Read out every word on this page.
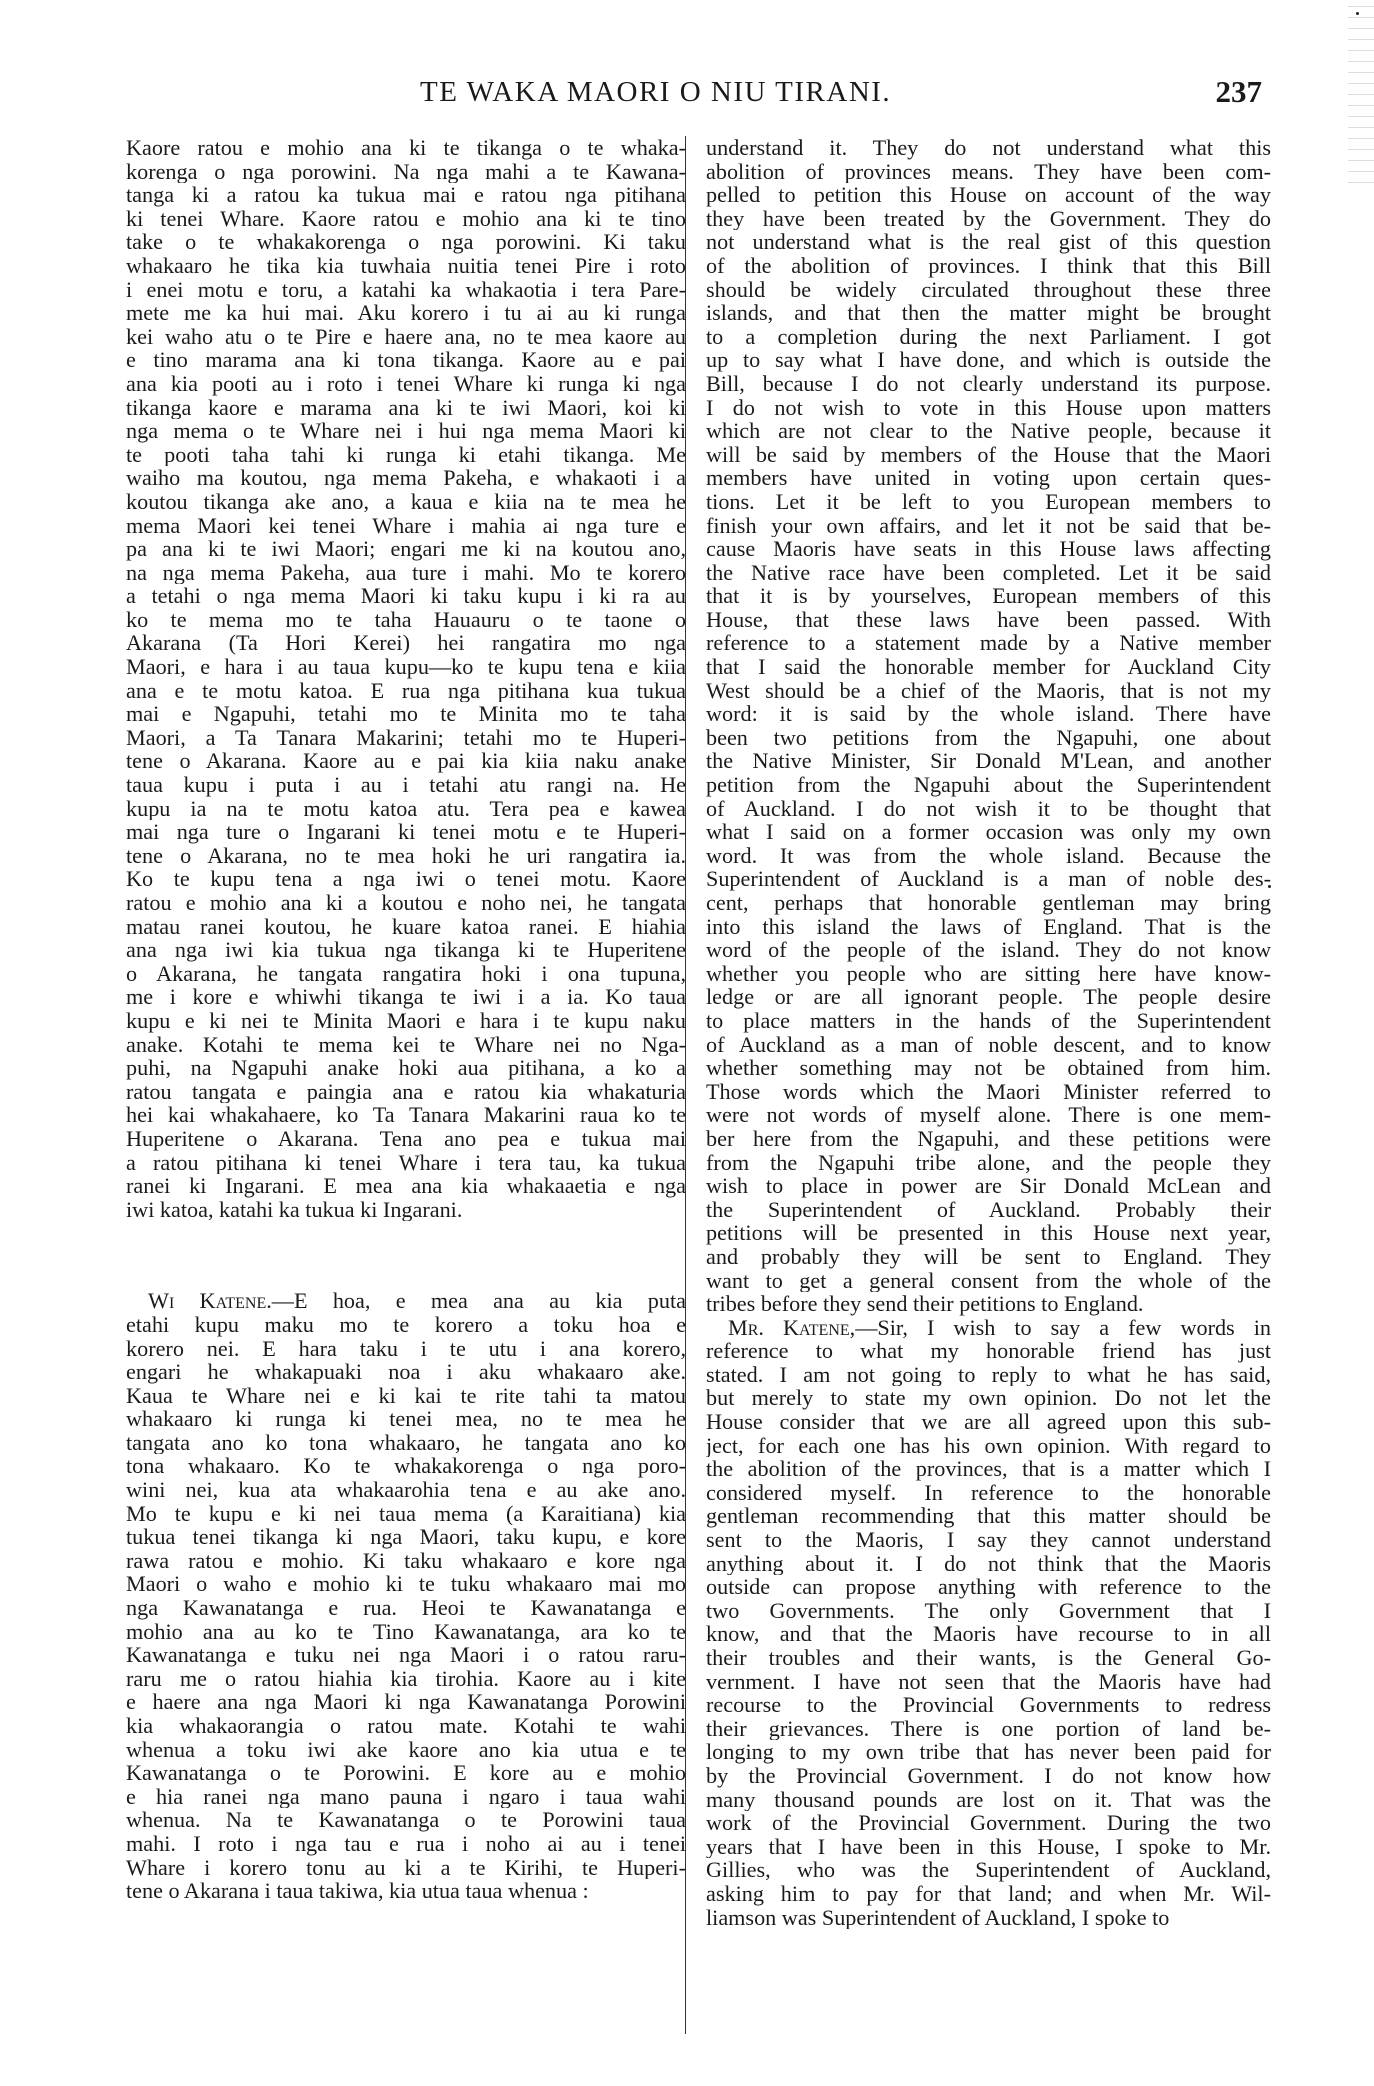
TE WAKA MAORI O NIU TIRANI.	237
Kaore ratou e mohio ana ki te tikanga o te whaka-
korenga o nga porowini. Na nga mahi a te Kawana-
tanga ki a ratou ka tukua mai e ratou nga pitihana
ki tenei Whare. Kaore ratou e mohio ana ki te tino
take o te whakakorenga o nga porowini. Ki taku
whakaaro he tika kia tuwhaia nuitia tenei Pire i roto
i enei motu e toru, a katahi ka whakaotia i tera Pare-
mete me ka hui mai. Aku korero i tu ai au ki runga
kei waho atu o te Pire e haere ana, no te mea kaore au
e tino marama ana ki tona tikanga. Kaore au e pai
ana kia pooti au i roto i tenei Whare ki runga ki nga
tikanga kaore e marama ana ki te iwi Maori, koi ki
nga mema o te Whare nei i hui nga mema Maori ki
te pooti taha tahi ki runga ki etahi tikanga. Me
waiho ma koutou, nga mema Pakeha, e whakaoti i a
koutou tikanga ake ano, a kaua e kiia na te mea he
mema Maori kei tenei Whare i mahia ai nga ture e
pa ana ki te iwi Maori; engari me ki na koutou ano,
na nga mema Pakeha, aua ture i mahi. Mo te korero
a tetahi o nga mema Maori ki taku kupu i ki ra au
ko te mema mo te taha Hauauru o te taone o
Akarana (Ta Hori Kerei) hei rangatira mo nga
Maori, e hara i au taua kupu—ko te kupu tena e kiia
ana e te motu katoa. E rua nga pitihana kua tukua
mai e Ngapuhi, tetahi mo te Minita mo te taha
Maori, a Ta Tanara Makarini; tetahi mo te Huperi-
tene o Akarana. Kaore au e pai kia kiia naku anake
taua kupu i puta i au i tetahi atu rangi na. He
kupu ia na te motu katoa atu. Tera pea e kawea
mai nga ture o Ingarani ki tenei motu e te Huperi-
tene o Akarana, no te mea hoki he uri rangatira ia.
Ko te kupu tena a nga iwi o tenei motu. Kaore
ratou e mohio ana ki a koutou e noho nei, he tangata
matau ranei koutou, he kuare katoa ranei. E hiahia
ana nga iwi kia tukua nga tikanga ki te Huperitene
o Akarana, he tangata rangatira hoki i ona tupuna,
me i kore e whiwhi tikanga te iwi i a ia. Ko taua
kupu e ki nei te Minita Maori e hara i te kupu naku
anake. Kotahi te mema kei te Whare nei no Nga-
puhi, na Ngapuhi anake hoki aua pitihana, a ko a
ratou tangata e paingia ana e ratou kia whakaturia
hei kai whakahaere, ko Ta Tanara Makarini raua ko te
Huperitene o Akarana. Tena ano pea e tukua mai
a ratou pitihana ki tenei Whare i tera tau, ka tukua
ranei ki Ingarani. E mea ana kia whakaaetia e nga
iwi katoa, katahi ka tukua ki Ingarani.
Wi Katene.—E hoa, e mea ana au kia puta
etahi kupu maku mo te korero a toku hoa e
korero nei. E hara taku i te utu i ana korero,
engari he whakapuaki noa i aku whakaaro ake.
Kaua te Whare nei e ki kai te rite tahi ta matou
whakaaro ki runga ki tenei mea, no te mea he
tangata ano ko tona whakaaro, he tangata ano ko
tona whakaaro. Ko te whakakorenga o nga poro-
wini nei, kua ata whakaarohia tena e au ake ano.
Mo te kupu e ki nei taua mema (a Karaitiana) kia
tukua tenei tikanga ki nga Maori, taku kupu, e kore
rawa ratou e mohio. Ki taku whakaaro e kore nga
Maori o waho e mohio ki te tuku whakaaro mai mo
nga Kawanatanga e rua. Heoi te Kawanatanga e
mohio ana au ko te Tino Kawanatanga, ara ko te
Kawanatanga e tuku nei nga Maori i o ratou raru-
raru me o ratou hiahia kia tirohia. Kaore au i kite
e haere ana nga Maori ki nga Kawanatanga Porowini
kia whakaorangia o ratou mate. Kotahi te wahi
whenua a toku iwi ake kaore ano kia utua e te
Kawanatanga o te Porowini. E kore au e mohio
e hia ranei nga mano pauna i ngaro i taua wahi
whenua. Na te Kawanatanga o te Porowini taua
mahi. I roto i nga tau e rua i noho ai au i tenei
Whare i korero tonu au ki a te Kirihi, te Huperi-
tene o Akarana i taua takiwa, kia utua taua whenua :
understand it. They do not understand what this
abolition of provinces means. They have been com-
pelled to petition this House on account of the way
they have been treated by the Government. They do
not understand what is the real gist of this question
of the abolition of provinces. I think that this Bill
should be widely circulated throughout these three
islands, and that then the matter might be brought
to a completion during the next Parliament. I got
up to say what I have done, and which is outside the
Bill, because I do not clearly understand its purpose.
I do not wish to vote in this House upon matters
which are not clear to the Native people, because it
will be said by members of the House that the Maori
members have united in voting upon certain ques-
tions. Let it be left to you European members to
finish your own affairs, and let it not be said that be-
cause Maoris have seats in this House laws affecting
the Native race have been completed. Let it be said
that it is by yourselves, European members of this
House, that these laws have been passed. With
reference to a statement made by a Native member
that I said the honorable member for Auckland City
West should be a chief of the Maoris, that is not my
word: it is said by the whole island. There have
been two petitions from the Ngapuhi, one about
the Native Minister, Sir Donald M'Lean, and another
petition from the Ngapuhi about the Superintendent
of Auckland. I do not wish it to be thought that
what I said on a former occasion was only my own
word. It was from the whole island. Because the
Superintendent of Auckland is a man of noble des-
cent, perhaps that honorable gentleman may bring
into this island the laws of England. That is the
word of the people of the island. They do not know
whether you people who are sitting here have know-
ledge or are all ignorant people. The people desire
to place matters in the hands of the Superintendent
of Auckland as a man of noble descent, and to know
whether something may not be obtained from him.
Those words which the Maori Minister referred to
were not words of myself alone. There is one mem-
ber here from the Ngapuhi, and these petitions were
from the Ngapuhi tribe alone, and the people they
wish to place in power are Sir Donald McLean and
the Superintendent of Auckland. Probably their
petitions will be presented in this House next year,
and probably they will be sent to England. They
want to get a general consent from the whole of the
tribes before they send their petitions to England.
Mr. Katene,—Sir, I wish to say a few words in
reference to what my honorable friend has just
stated. I am not going to reply to what he has said,
but merely to state my own opinion. Do not let the
House consider that we are all agreed upon this sub-
ject, for each one has his own opinion. With regard to
the abolition of the provinces, that is a matter which I
considered myself. In reference to the honorable
gentleman recommending that this matter should be
sent to the Maoris, I say they cannot understand
anything about it. I do not think that the Maoris
outside can propose anything with reference to the
two Governments. The only Government that I
know, and that the Maoris have recourse to in all
their troubles and their wants, is the General Go-
vernment. I have not seen that the Maoris have had
recourse to the Provincial Governments to redress
their grievances. There is one portion of land be-
longing to my own tribe that has never been paid for
by the Provincial Government. I do not know how
many thousand pounds are lost on it. That was the
work of the Provincial Government. During the two
years that I have been in this House, I spoke to Mr.
Gillies, who was the Superintendent of Auckland,
asking him to pay for that land; and when Mr. Wil-
liamson was Superintendent of Auckland, I spoke to
